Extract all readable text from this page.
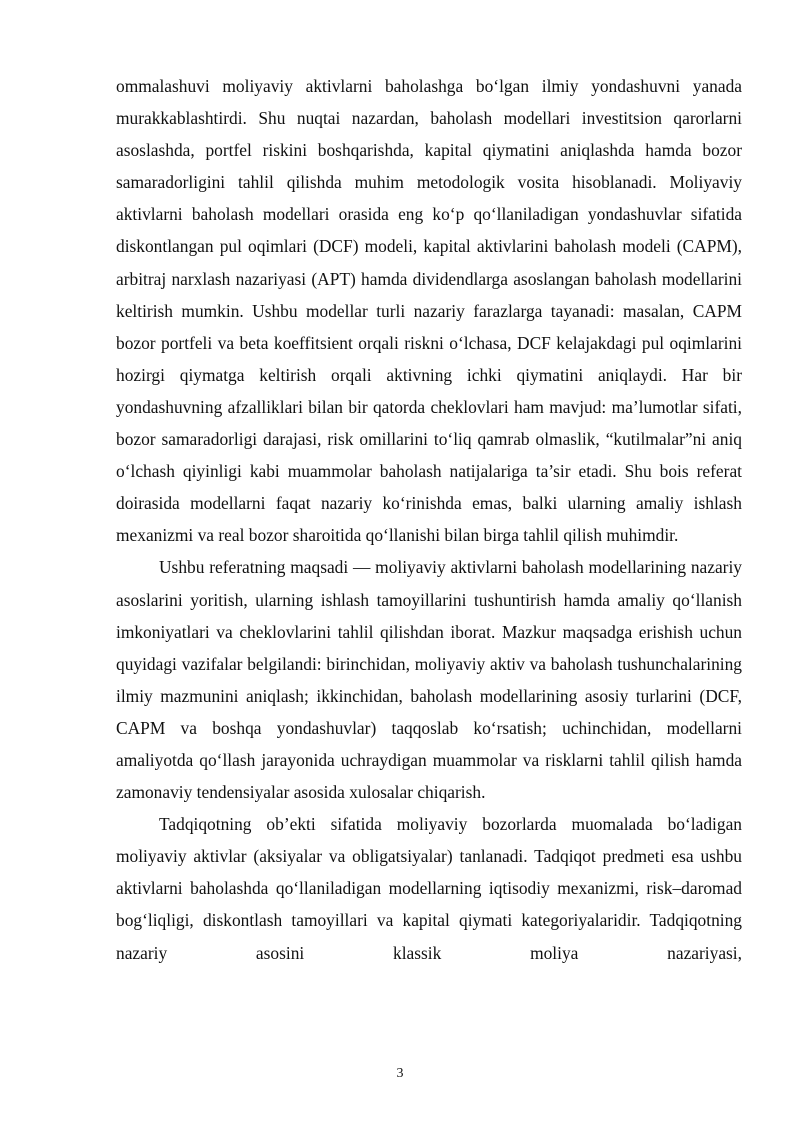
ommalashuvi moliyaviy aktivlarni baholashga bo‘lgan ilmiy yondashuvni yanada murakkablashtirdi. Shu nuqtai nazardan, baholash modellari investitsion qarorlarni asoslashda, portfel riskini boshqarishda, kapital qiymatini aniqlashda hamda bozor samaradorligini tahlil qilishda muhim metodologik vosita hisoblanadi. Moliyaviy aktivlarni baholash modellari orasida eng ko‘p qo‘llaniladigan yondashuvlar sifatida diskontlangan pul oqimlari (DCF) modeli, kapital aktivlarini baholash modeli (CAPM), arbitraj narxlash nazariyasi (APT) hamda dividendlarga asoslangan baholash modellarini keltirish mumkin. Ushbu modellar turli nazariy farazlarga tayanadi: masalan, CAPM bozor portfeli va beta koeffitsient orqali riskni o‘lchasa, DCF kelajakdagi pul oqimlarini hozirgi qiymatga keltirish orqali aktivning ichki qiymatini aniqlaydi. Har bir yondashuvning afzalliklari bilan bir qatorda cheklovlari ham mavjud: ma’lumotlar sifati, bozor samaradorligi darajasi, risk omillarini to‘liq qamrab olmaslik, “kutilmalar”ni aniq o‘lchash qiyinligi kabi muammolar baholash natijalariga ta’sir etadi. Shu bois referat doirasida modellarni faqat nazariy ko‘rinishda emas, balki ularning amaliy ishlash mexanizmi va real bozor sharoitida qo‘llanishi bilan birga tahlil qilish muhimdir.

Ushbu referatning maqsadi — moliyaviy aktivlarni baholash modellarining nazariy asoslarini yoritish, ularning ishlash tamoyillarini tushuntirish hamda amaliy qo‘llanish imkoniyatlari va cheklovlarini tahlil qilishdan iborat. Mazkur maqsadga erishish uchun quyidagi vazifalar belgilandi: birinchidan, moliyaviy aktiv va baholash tushunchalarining ilmiy mazmunini aniqlash; ikkinchidan, baholash modellarining asosiy turlarini (DCF, CAPM va boshqa yondashuvlar) taqqoslab ko‘rsatish; uchinchidan, modellarni amaliyotda qo‘llash jarayonida uchraydigan muammolar va risklarni tahlil qilish hamda zamonaviy tendensiyalar asosida xulosalar chiqarish.

Tadqiqotning ob’ekti sifatida moliyaviy bozorlarda muomalada bo‘ladigan moliyaviy aktivlar (aksiyalar va obligatsiyalar) tanlanadi. Tadqiqot predmeti esa ushbu aktivlarni baholashda qo‘llaniladigan modellarning iqtisodiy mexanizmi, risk–daromad bog‘liqligi, diskontlash tamoyillari va kapital qiymati kategoriyalaridir. Tadqiqotning nazariy asosini klassik moliya nazariyasi,

3
